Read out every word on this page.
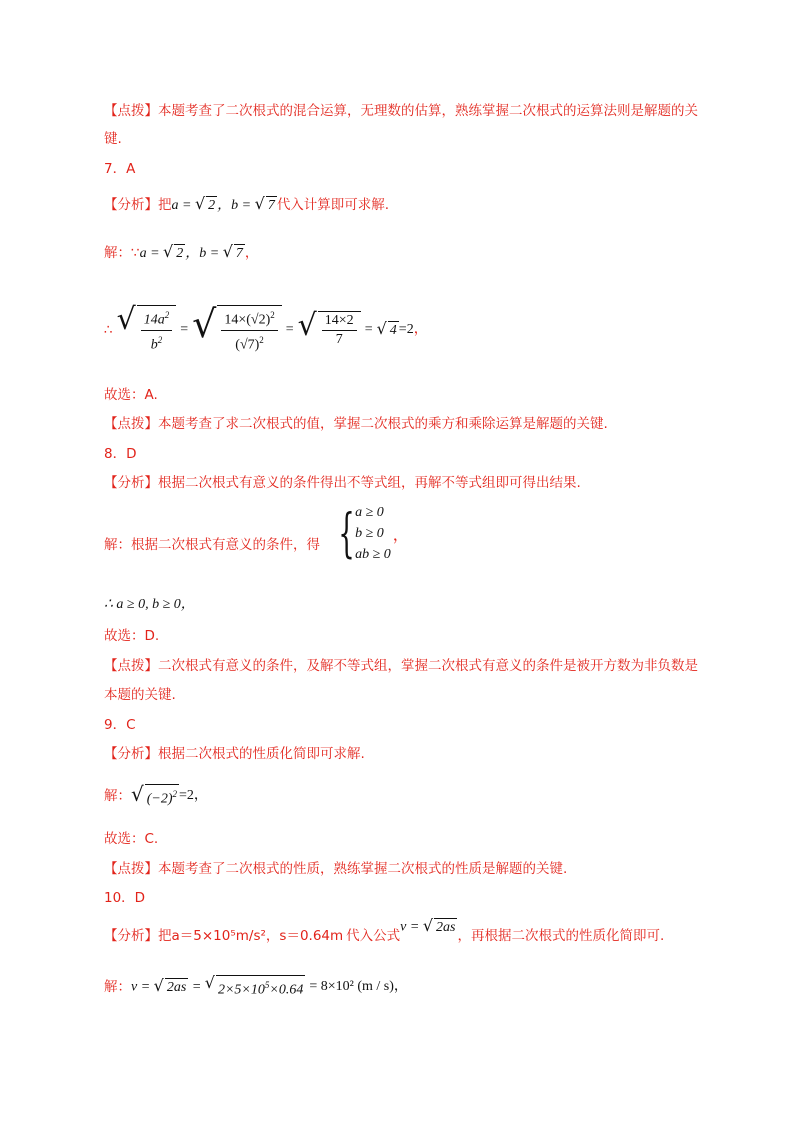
【点拨】本题考查了二次根式的混合运算，无理数的估算，熟练掌握二次根式的运算法则是解题的关
键.
7．A
【分析】把a = √ 2 ，b = √ 7 代入计算即可求解.
解：∵a = √ 2 ，b = √ 7 ，
∴ √ $\frac{14a^2}{b^2}$ = √ $\frac{14\times(√2)^2}{(√7)^2}$ = √ $\frac{14\times 2}{7}$ = √ 4 =2 ，
故选：A.
【点拨】本题考查了求二次根式的值，掌握二次根式的乘方和乘除运算是解题的关键.
8．D
【分析】根据二次根式有意义的条件得出不等式组，再解不等式组即可得出结果.
解：根据二次根式有意义的条件，得 { a ≥ 0
b ≥ 0
ab ≥ 0
，
∴ a ≥ 0, b ≥ 0，
故选：D.
【点拨】二次根式有意义的条件，及解不等式组，掌握二次根式有意义的条件是被开方数为非负数是
本题的关键.
9．C
【分析】根据二次根式的性质化简即可求解.
解： √ $(-2)^2 =2$，
故选：C.
【点拨】本题考查了二次根式的性质，熟练掌握二次根式的性质是解题的关键.
10．D
【分析】把 a＝5×10⁵m/s²，s＝0.64m 代入公式
v = √ 2as ，再根据二次根式的性质化简即可.
解： v = √ 2as = √ $2\times 5\times 10^5\times 0.64 = 8\times 10^2$ (m / s)，
